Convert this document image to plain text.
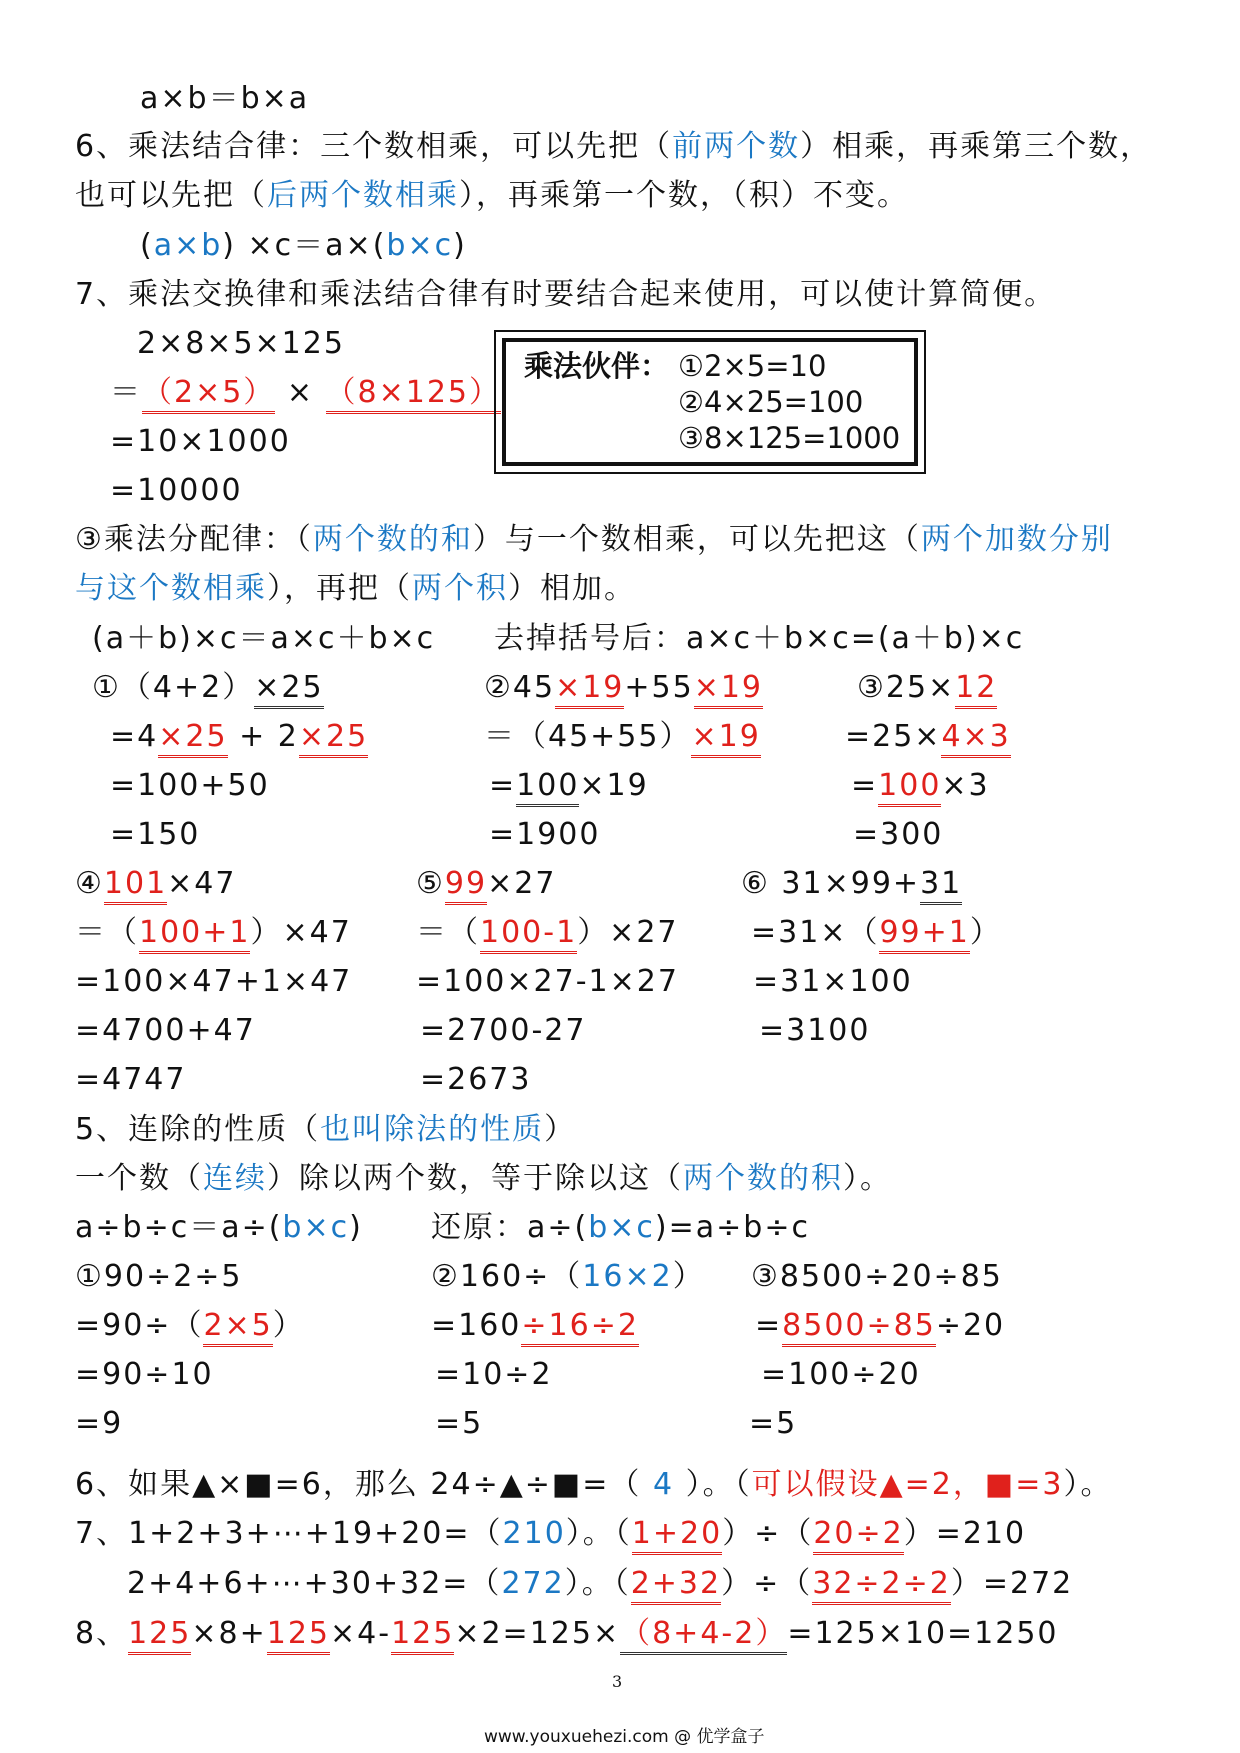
a×b＝b×a
6、乘法结合律：三个数相乘，可以先把（前两个数）相乘，再乘第三个数，
也可以先把（后两个数相乘），再乘第一个数，（积）不变。
(a×b) ×c＝a×(b×c)
7、乘法交换律和乘法结合律有时要结合起来使用，可以使计算简便。
2×8×5×125
＝（2×5） × （8×125）
=10×1000
=10000
乘法伙伴： ①2×5=10
②4×25=100
③8×125=1000
③乘法分配律：（两个数的和）与一个数相乘，可以先把这（两个加数分别
与这个数相乘），再把（两个积）相加。
(a＋b)×c＝a×c＋b×c 去掉括号后：a×c＋b×c=(a＋b)×c
①（4+2）×25
=4×25 + 2×25
=100+50
=150
②45×19+55×19
＝（45+55）×19
=100×19
=1900
③25×12
=25×4×3
=100×3
=300
④101×47
＝（100+1）×47
=100×47+1×47
=4700+47
=4747
⑤99×27
＝（100-1）×27
=100×27-1×27
=2700-27
=2673
⑥ 31×99+31
=31×（99+1）
=31×100
=3100
5、连除的性质（也叫除法的性质）
一个数（连续）除以两个数，等于除以这（两个数的积）。
a÷b÷c＝a÷(b×c) 还原：a÷(b×c)=a÷b÷c
①90÷2÷5
=90÷（2×5）
=90÷10
=9
②160÷（16×2）
=160÷16÷2
=10÷2
=5
③8500÷20÷85
=8500÷85÷20
=100÷20
=5
6、如果▲×■=6，那么 24÷▲÷■=（ 4 ）。（可以假设▲=2，■=3）。
7、1+2+3+⋯+19+20=（210）。（1+20）÷（20÷2）=210
2+4+6+⋯+30+32=（272）。（2+32）÷（32÷2÷2）=272
8、125×8+125×4-125×2=125×（8+4-2）=125×10=1250
3
www.youxuehezi.com @ 优学盒子
